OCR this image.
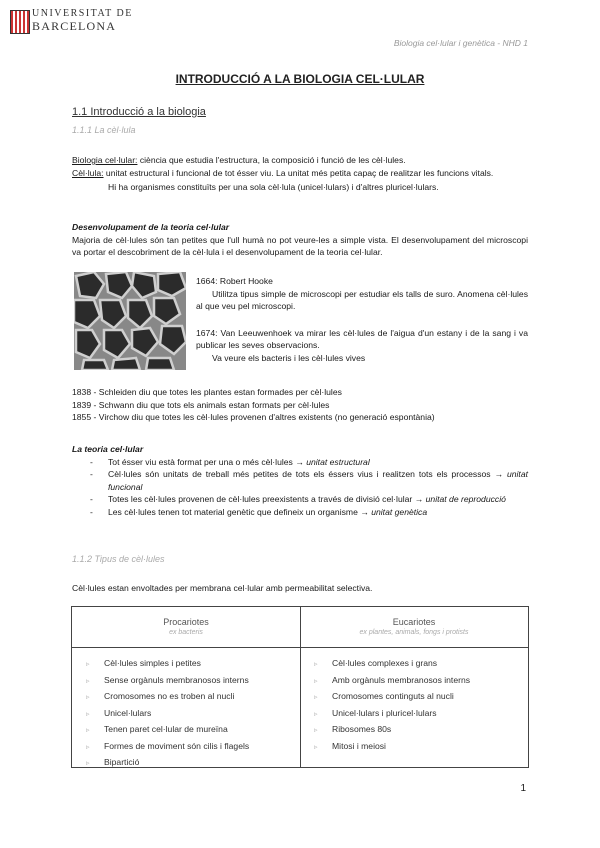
UNIVERSITAT DE
BARCELONA
Biologia cel·lular i genètica - NHD 1
INTRODUCCIÓ A LA BIOLOGIA CEL·LULAR
1.1 Introducció a la biologia
1.1.1 La cèl·lula
Biologia cel·lular: ciència que estudia l'estructura, la composició i funció de les cèl·lules.
Cèl·lula: unitat estructural i funcional de tot ésser viu. La unitat més petita capaç de realitzar les funcions vitals.
Hi ha organismes constituïts per una sola cèl·lula (unicel·lulars) i d'altres pluricel·lulars.
Desenvolupament de la teoria cel·lular
Majoria de cèl·lules són tan petites que l'ull humà no pot veure-les a simple vista. El desenvolupament del microscopi va portar el descobriment de la cèl·lula i el desenvolupament de la teoria cel·lular.
1664: Robert Hooke
Utilitza tipus simple de microscopi per estudiar els talls de suro. Anomena cèl·lules al que veu pel microscopi.
1674: Van Leeuwenhoek va mirar les cèl·lules de l'aigua d'un estany i de la sang i va publicar les seves observacions.
Va veure els bacteris i les cèl·lules vives
1838 - Schleiden diu que totes les plantes estan formades per cèl·lules
1839 - Schwann diu que tots els animals estan formats per cèl·lules
1855 - Virchow diu que totes les cèl·lules provenen d'altres existents (no generació espontània)
La teoria cel·lular
- Tot ésser viu està format per una o més cèl·lules → unitat estructural
- Cèl·lules són unitats de treball més petites de tots els éssers vius i realitzen tots els processos → unitat funcional
- Totes les cèl·lules provenen de cèl·lules preexistents a través de divisió cel·lular → unitat de reproducció
- Les cèl·lules tenen tot material genètic que defineix un organisme → unitat genètica
1.1.2 Tipus de cèl·lules
Cèl·lules estan envoltades per membrana cel·lular amb permeabilitat selectiva.
Procariotes
ex bacteris
▹ Cèl·lules simples i petites
▹ Sense orgànuls membranosos interns
▹ Cromosomes no es troben al nucli
▹ Unicel·lulars
▹ Tenen paret cel·lular de mureïna
▹ Formes de moviment són cilis i flagels
▹ Bipartició
Eucariotes
ex plantes, animals, fongs i protists
▹ Cèl·lules complexes i grans
▹ Amb orgànuls membranosos interns
▹ Cromosomes continguts al nucli
▹ Unicel·lulars i pluricel·lulars
▹ Ribosomes 80s
▹ Mitosi i meiosi
1
